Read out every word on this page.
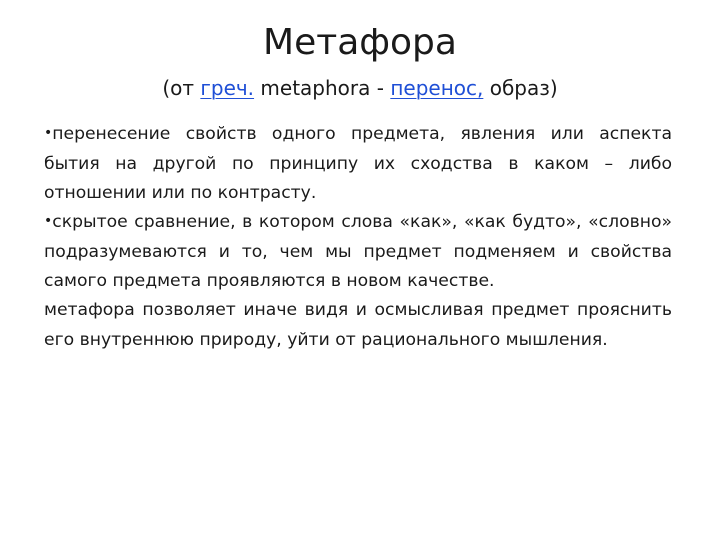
Метафора
(от греч. metaphora - перенос, образ)

•перенесение свойств одного предмета, явления или аспекта бытия на другой по принципу их сходства в каком – либо отношении или по контрасту.

•скрытое сравнение, в котором слова «как», «как будто», «словно» подразумеваются и то, чем мы предмет подменяем и свойства самого предмета проявляются в новом качестве.

метафора позволяет иначе видя и осмысливая предмет прояснить его внутреннюю природу, уйти от рационального мышления.
